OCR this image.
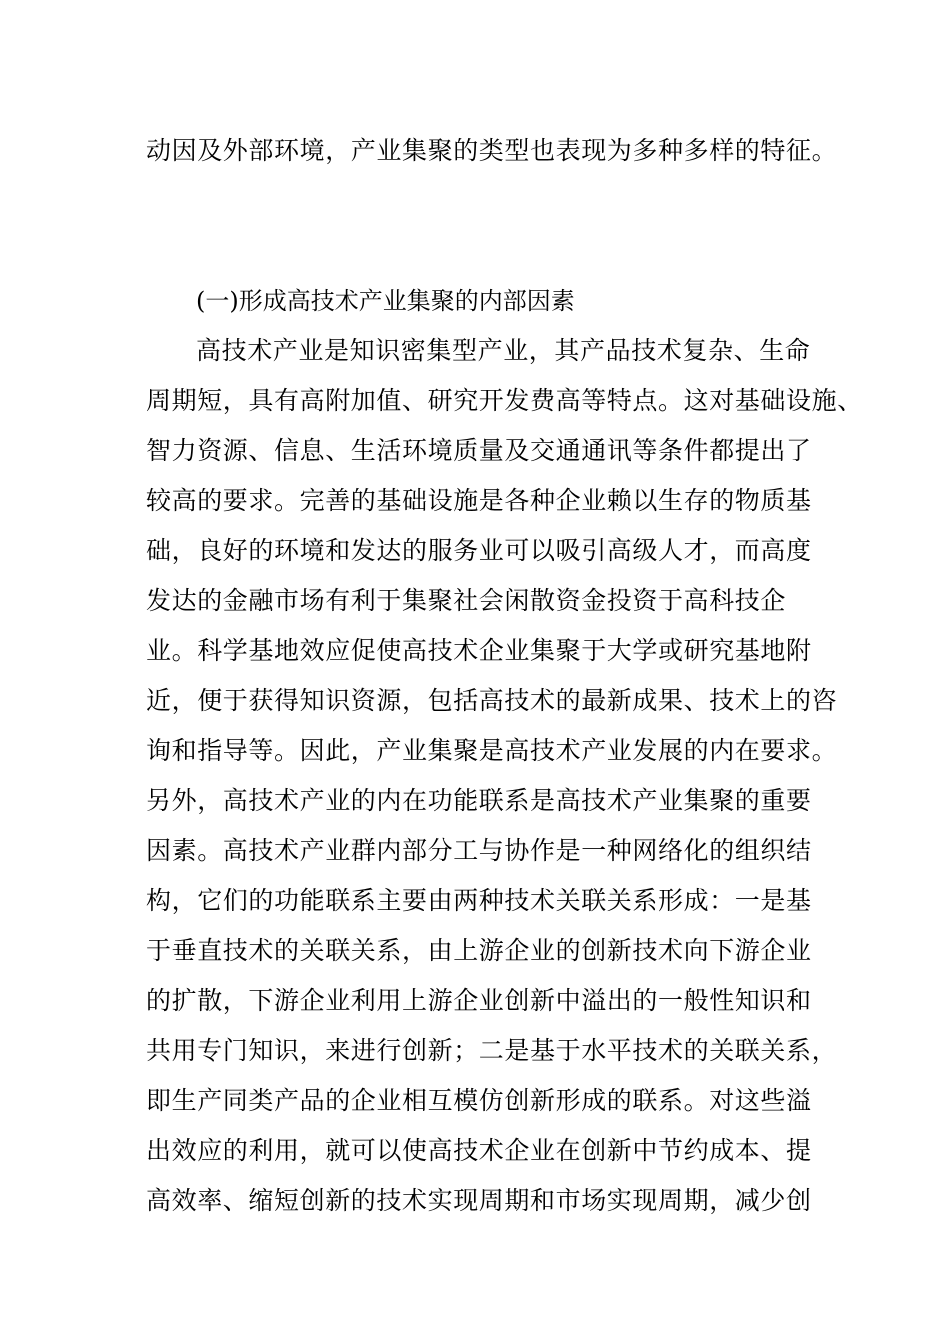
动因及外部环境，产业集聚的类型也表现为多种多样的特征。
(一)形成高技术产业集聚的内部因素
高技术产业是知识密集型产业，其产品技术复杂、生命
周期短，具有高附加值、研究开发费高等特点。这对基础设施、
智力资源、信息、生活环境质量及交通通讯等条件都提出了
较高的要求。完善的基础设施是各种企业赖以生存的物质基
础，良好的环境和发达的服务业可以吸引高级人才，而高度
发达的金融市场有利于集聚社会闲散资金投资于高科技企
业。科学基地效应促使高技术企业集聚于大学或研究基地附
近，便于获得知识资源，包括高技术的最新成果、技术上的咨
询和指导等。因此，产业集聚是高技术产业发展的内在要求。
另外，高技术产业的内在功能联系是高技术产业集聚的重要
因素。高技术产业群内部分工与协作是一种网络化的组织结
构，它们的功能联系主要由两种技术关联关系形成：一是基
于垂直技术的关联关系，由上游企业的创新技术向下游企业
的扩散，下游企业利用上游企业创新中溢出的一般性知识和
共用专门知识，来进行创新；二是基于水平技术的关联关系，
即生产同类产品的企业相互模仿创新形成的联系。对这些溢
出效应的利用，就可以使高技术企业在创新中节约成本、提
高效率、缩短创新的技术实现周期和市场实现周期，减少创
